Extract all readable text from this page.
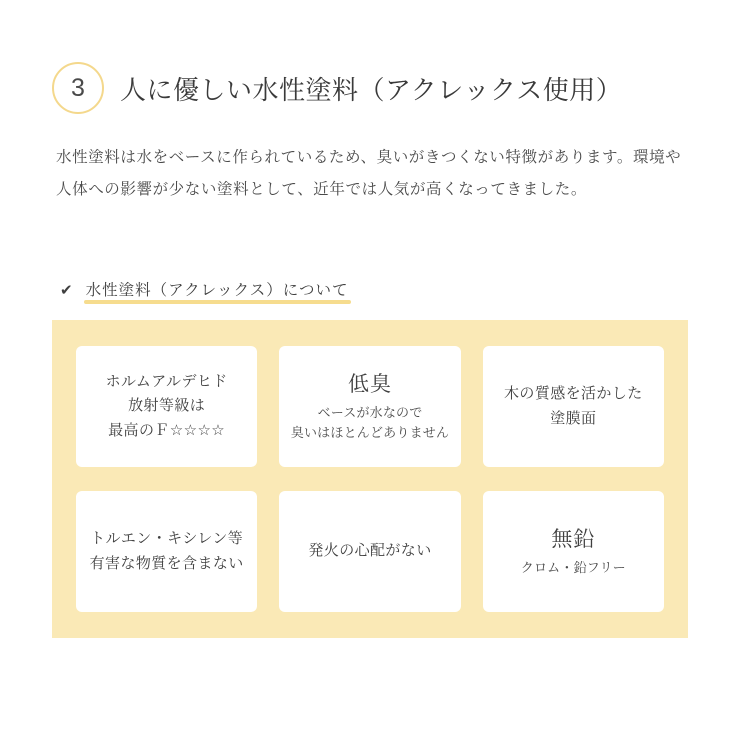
3	人に優しい水性塗料（アクレックス使用）
水性塗料は水をベースに作られているため、臭いがきつくない特徴があります。環境や人体への影響が少ない塗料として、近年では人気が高くなってきました。
✔ 水性塗料（アクレックス）について
ホルムアルデヒド
放射等級は
最高のＦ☆☆☆☆
低臭
ベースが水なので
臭いはほとんどありません
木の質感を活かした
塗膜面
トルエン・キシレン等
有害な物質を含まない
発火の心配がない
無鉛
クロム・鉛フリー
